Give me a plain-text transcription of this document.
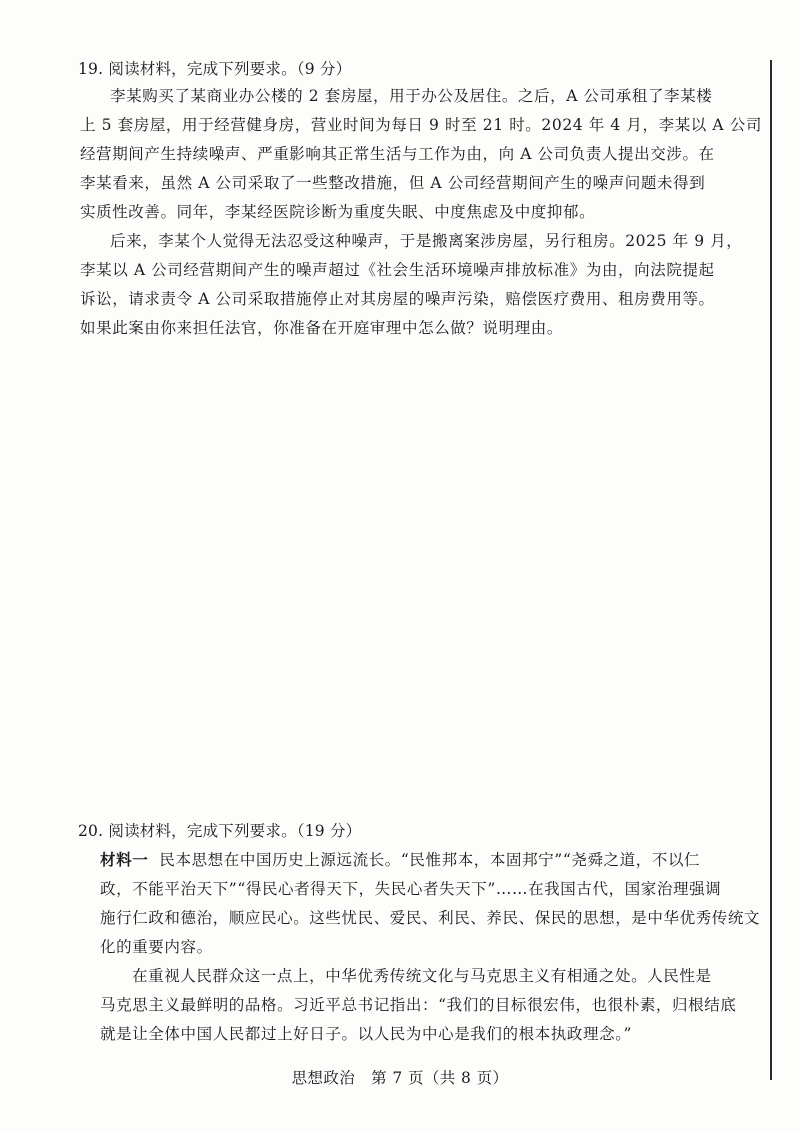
19. 阅读材料，完成下列要求。（9 分）
李某购买了某商业办公楼的 2 套房屋，用于办公及居住。之后，A 公司承租了李某楼
上 5 套房屋，用于经营健身房，营业时间为每日 9 时至 21 时。2024 年 4 月，李某以 A 公司
经营期间产生持续噪声、严重影响其正常生活与工作为由，向 A 公司负责人提出交涉。在
李某看来，虽然 A 公司采取了一些整改措施，但 A 公司经营期间产生的噪声问题未得到
实质性改善。同年，李某经医院诊断为重度失眠、中度焦虑及中度抑郁。
后来，李某个人觉得无法忍受这种噪声，于是搬离案涉房屋，另行租房。2025 年 9 月，
李某以 A 公司经营期间产生的噪声超过《社会生活环境噪声排放标准》为由，向法院提起
诉讼，请求责令 A 公司采取措施停止对其房屋的噪声污染，赔偿医疗费用、租房费用等。
如果此案由你来担任法官，你准备在开庭审理中怎么做？说明理由。
20. 阅读材料，完成下列要求。（19 分）
材料一 民本思想在中国历史上源远流长。“民惟邦本，本固邦宁”“尧舜之道，不以仁
政，不能平治天下”“得民心者得天下，失民心者失天下”……在我国古代，国家治理强调
施行仁政和德治，顺应民心。这些忧民、爱民、利民、养民、保民的思想，是中华优秀传统文
化的重要内容。
在重视人民群众这一点上，中华优秀传统文化与马克思主义有相通之处。人民性是
马克思主义最鲜明的品格。习近平总书记指出：“我们的目标很宏伟，也很朴素，归根结底
就是让全体中国人民都过上好日子。以人民为中心是我们的根本执政理念。”
思想政治 第 7 页（共 8 页）
